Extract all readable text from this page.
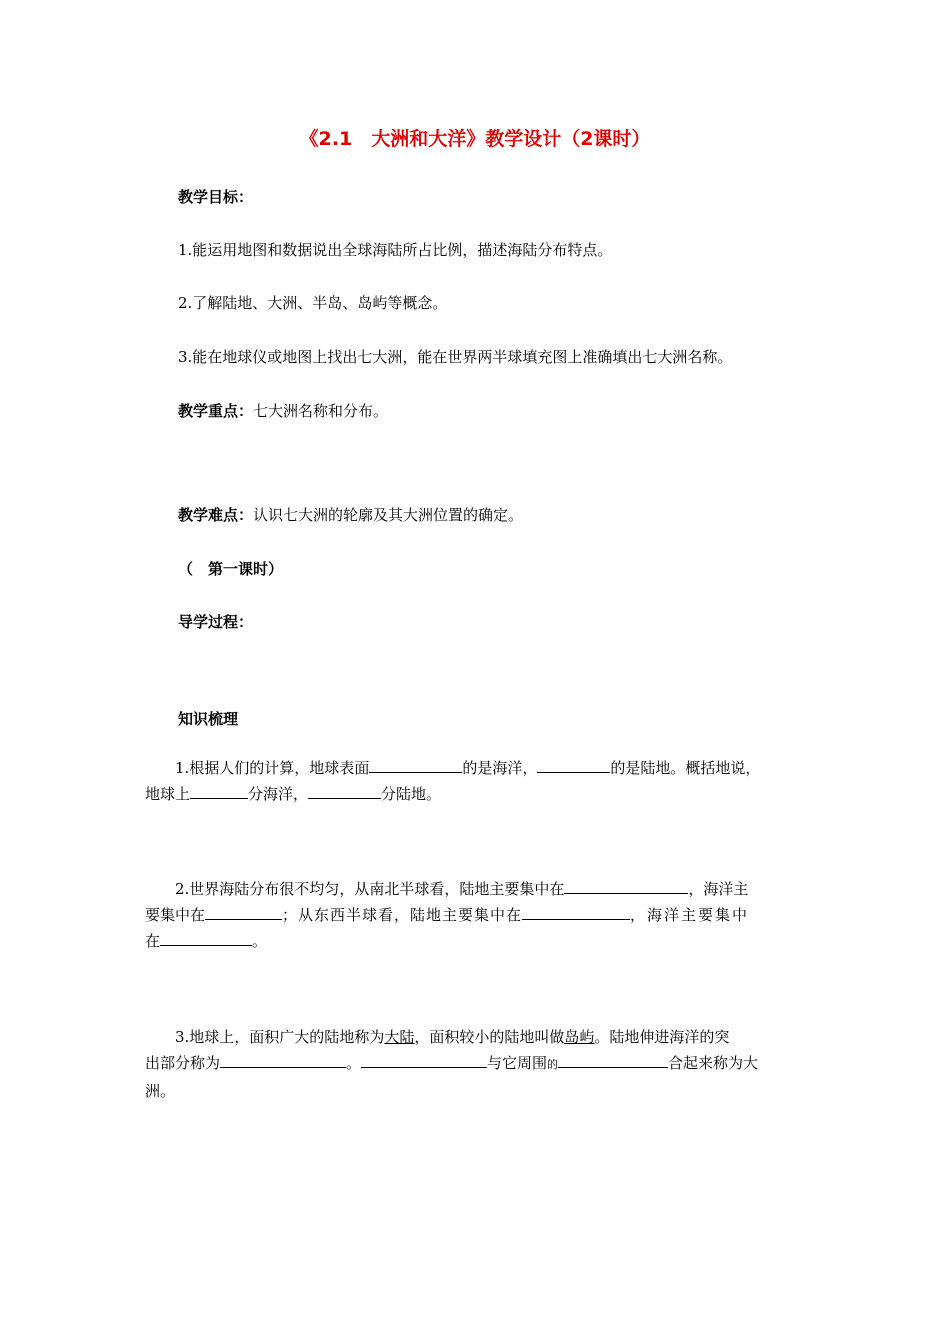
《2.1　大洲和大洋》教学设计（2课时）
教学目标：
1.能运用地图和数据说出全球海陆所占比例，描述海陆分布特点。
2.了解陆地、大洲、半岛、岛屿等概念。
3.能在地球仪或地图上找出七大洲，能在世界两半球填充图上准确填出七大洲名称。
教学重点：七大洲名称和分布。
教学难点：认识七大洲的轮廓及其大洲位置的确定。
（　第一课时）
导学过程：
知识梳理
1.根据人们的计算，地球表面	的是海洋，	的是陆地。概括地说，
地球上	分海洋，	分陆地。
2.世界海陆分布很不均匀，从南北半球看，陆地主要集中在	，海洋主
要集中在	；从东西半球看，陆地主要集中在	，海洋主要集中
在	。
3.地球上，面积广大的陆地称为大陆，面积较小的陆地叫做岛屿。陆地伸进海洋的突
出部分称为	。	与它周围的	合起来称为大
洲。
